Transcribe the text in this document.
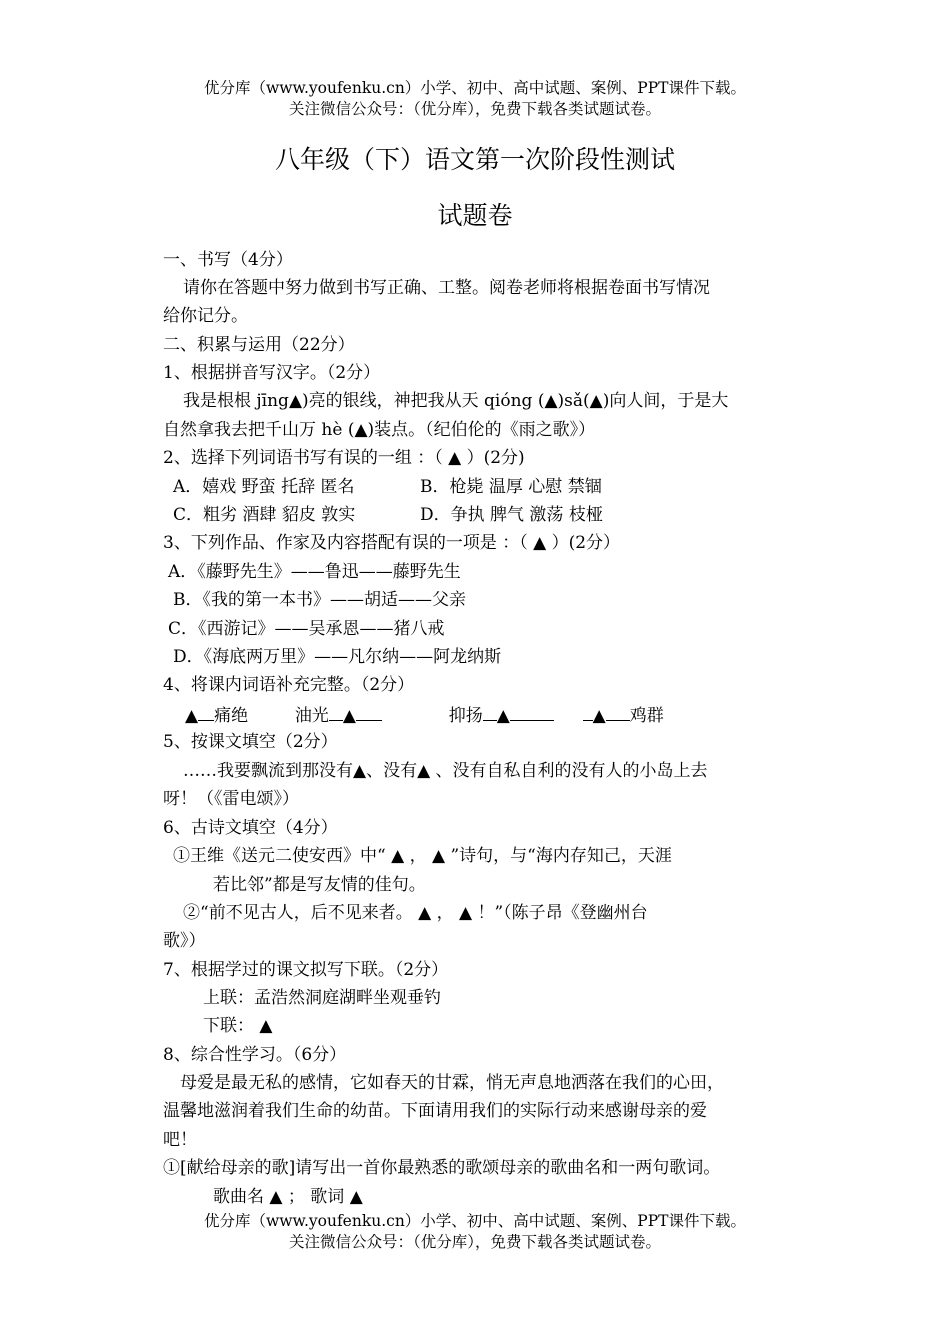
优分库（www.youfenku.cn）小学、初中、高中试题、案例、PPT课件下载。
关注微信公众号：（优分库），免费下载各类试题试卷。
八年级（下）语文第一次阶段性测试
试题卷
一、书写（4分）
请你在答题中努力做到书写正确、工整。阅卷老师将根据卷面书写情况
给你记分。
二、积累与运用（22分）
1、根据拼音写汉字。（2分）
我是根根 jīng▲)亮的银线，神把我从天 qióng (▲)sǎ(▲)向人间，于是大
自然拿我去把千山万 hè (▲)装点。（纪伯伦的《雨之歌》）
2、选择下列词语书写有误的一组 ：（ ▲ ）(2分)
A．嬉戏 野蛮 托辞 匿名	B．枪毙 温厚 心慰 禁锢
C．粗劣 酒肆 貂皮 敦实	D．争执 脾气 激荡 枝桠
3、下列作品、作家及内容搭配有误的一项是 ：（ ▲ ）(2分）
A．《藤野先生》——鲁迅——藤野先生
B．《我的第一本书》——胡适——父亲
C．《西游记》——吴承恩——猪八戒
D．《海底两万里》——凡尔纳——阿龙纳斯
4、将课内词语补充完整。（2分）
▲ 痛绝	油光 ▲	抑扬 ▲	▲ 鸡群
5、按课文填空（2分）
……我要飘流到那没有▲、没有▲ 、没有自私自利的没有人的小岛上去
呀！（《雷电颂》）
6、古诗文填空（4分）
①王维《送元二使安西》中“ ▲ ， ▲ ”诗句，与“海内存知己，天涯
若比邻”都是写友情的佳句。
②“前不见古人，后不见来者。 ▲ ， ▲ ！”（陈子昂《登幽州台
歌》）
7、根据学过的课文拟写下联。（2分）
上联：孟浩然洞庭湖畔坐观垂钓
下联： ▲
8、综合性学习。（6分）
母爱是最无私的感情，它如春天的甘霖，悄无声息地洒落在我们的心田，
温馨地滋润着我们生命的幼苗。下面请用我们的实际行动来感谢母亲的爱
吧！
①[献给母亲的歌]请写出一首你最熟悉的歌颂母亲的歌曲名和一两句歌词。
歌曲名 ▲ ； 歌词 ▲
优分库（www.youfenku.cn）小学、初中、高中试题、案例、PPT课件下载。
关注微信公众号：（优分库），免费下载各类试题试卷。
